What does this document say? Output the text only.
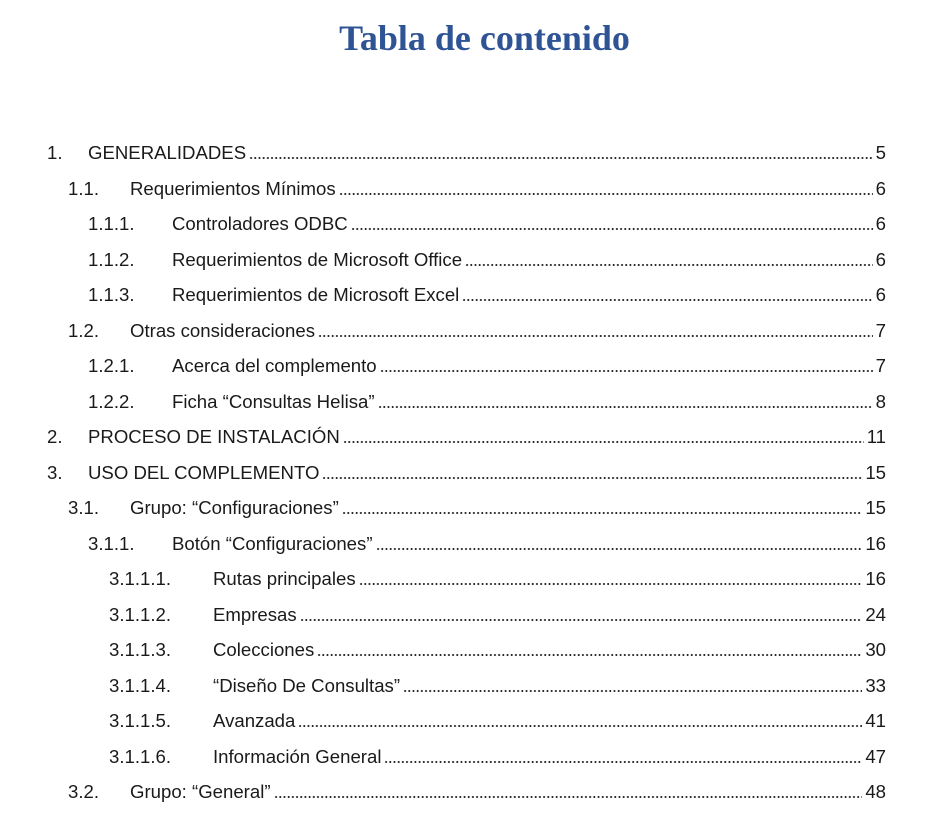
Tabla de contenido
1.	GENERALIDADES	5
1.1.	Requerimientos Mínimos	6
1.1.1.	Controladores ODBC	6
1.1.2.	Requerimientos de Microsoft Office	6
1.1.3.	Requerimientos de Microsoft Excel	6
1.2.	Otras consideraciones	7
1.2.1.	Acerca del complemento	7
1.2.2.	Ficha “Consultas Helisa”	8
2.	PROCESO DE INSTALACIÓN	11
3.	USO DEL COMPLEMENTO	15
3.1.	Grupo: “Configuraciones”	15
3.1.1.	Botón “Configuraciones”	16
3.1.1.1.	Rutas principales	16
3.1.1.2.	Empresas	24
3.1.1.3.	Colecciones	30
3.1.1.4.	“Diseño De Consultas”	33
3.1.1.5.	Avanzada	41
3.1.1.6.	Información General	47
3.2.	Grupo: “General”	48
